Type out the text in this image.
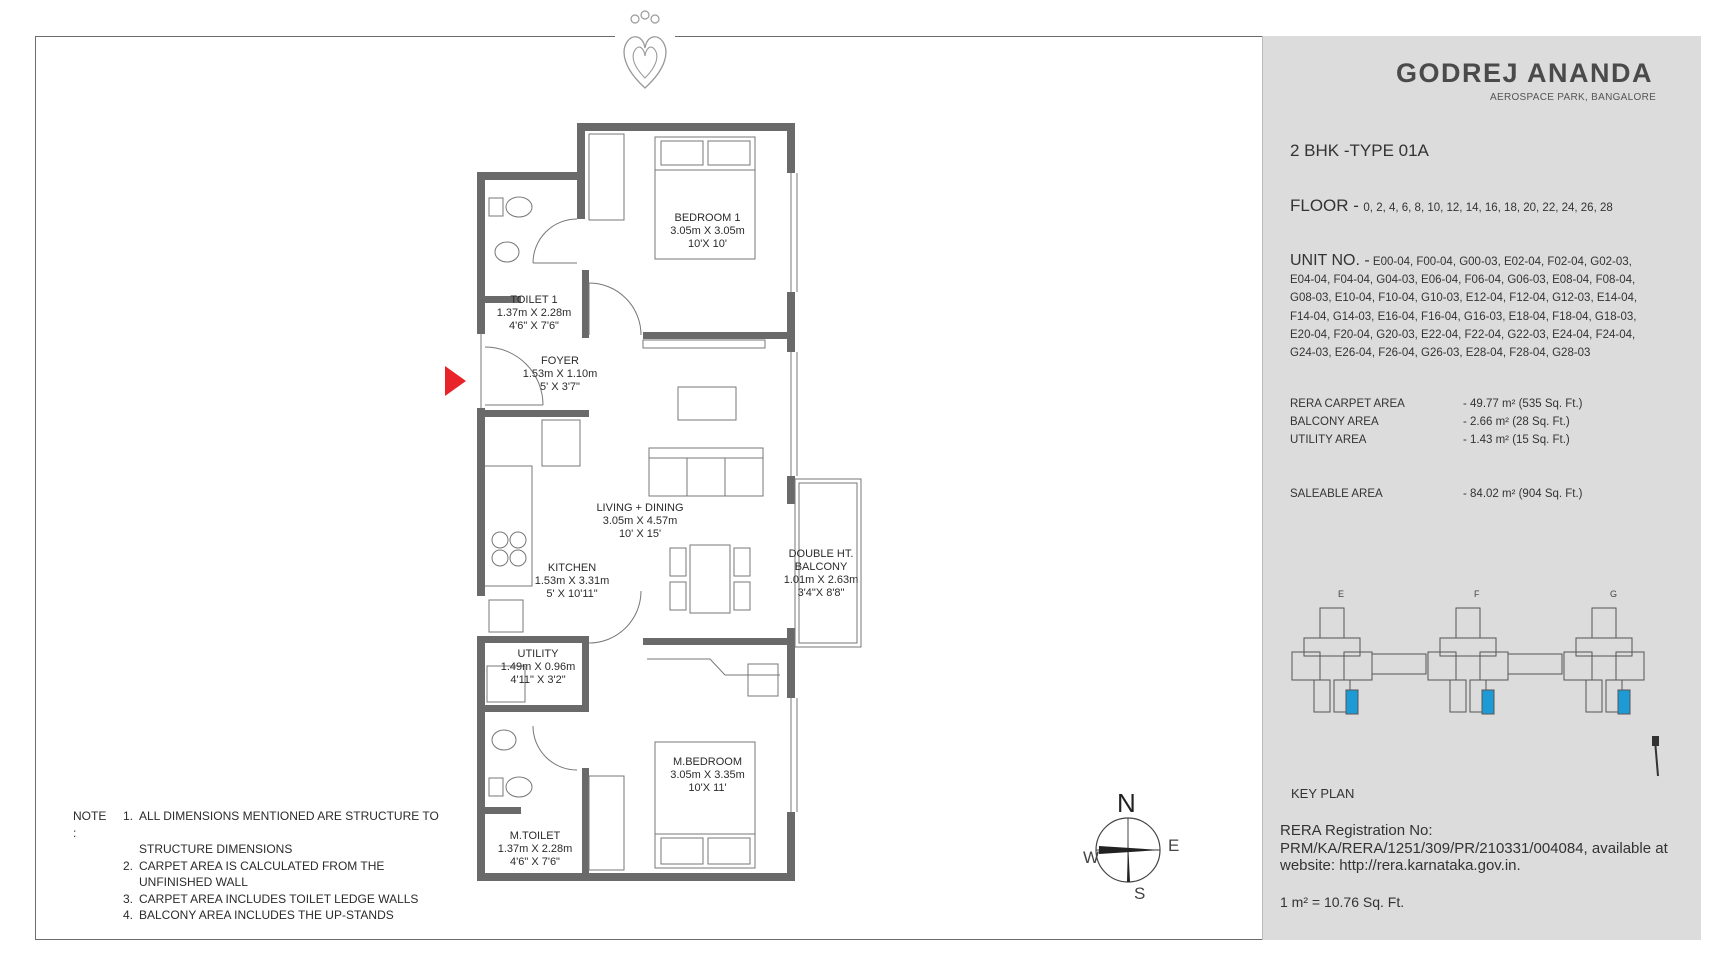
BEDROOM 1
3.05m X 3.05m
10'X 10'
TOILET 1
1.37m X 2.28m
4'6" X 7'6"
FOYER
1.53m X 1.10m
5' X 3'7"
LIVING + DINING
3.05m X 4.57m
10' X 15'
KITCHEN
1.53m X 3.31m
5' X 10'11"
DOUBLE HT.
BALCONY
1.01m X 2.63m
3'4"X 8'8"
UTILITY
1.49m X 0.96m
4'11" X 3'2"
M.BEDROOM
3.05m X 3.35m
10'X 11'
M.TOILET
1.37m X 2.28m
4'6" X 7'6"
NOTE :
1. ALL DIMENSIONS MENTIONED ARE STRUCTURE TO
STRUCTURE DIMENSIONS
2. CARPET AREA IS CALCULATED FROM THE
UNFINISHED WALL
3. CARPET AREA INCLUDES TOILET LEDGE WALLS
4. BALCONY AREA INCLUDES THE UP-STANDS
N
E
S
W
GODREJ ANANDA
AEROSPACE PARK, BANGALORE
2 BHK -TYPE 01A
FLOOR - 0, 2, 4, 6, 8, 10, 12, 14, 16, 18, 20, 22, 24, 26, 28
UNIT NO. - E00-04, F00-04, G00-03, E02-04, F02-04, G02-03,
E04-04, F04-04, G04-03, E06-04, F06-04, G06-03, E08-04, F08-04,
G08-03, E10-04, F10-04, G10-03, E12-04, F12-04, G12-03, E14-04,
F14-04, G14-03, E16-04, F16-04, G16-03, E18-04, F18-04, G18-03,
E20-04, F20-04, G20-03, E22-04, F22-04, G22-03, E24-04, F24-04,
G24-03, E26-04, F26-04, G26-03, E28-04, F28-04, G28-03
RERA CARPET AREA	- 49.77 m² (535 Sq. Ft.)
BALCONY AREA	- 2.66 m² (28 Sq. Ft.)
UTILITY AREA	- 1.43 m² (15 Sq. Ft.)
SALEABLE AREA	- 84.02 m² (904 Sq. Ft.)
E	F	G
KEY PLAN
RERA Registration No:
PRM/KA/RERA/1251/309/PR/210331/004084, available at
website: http://rera.karnataka.gov.in.
1 m² = 10.76 Sq. Ft.
